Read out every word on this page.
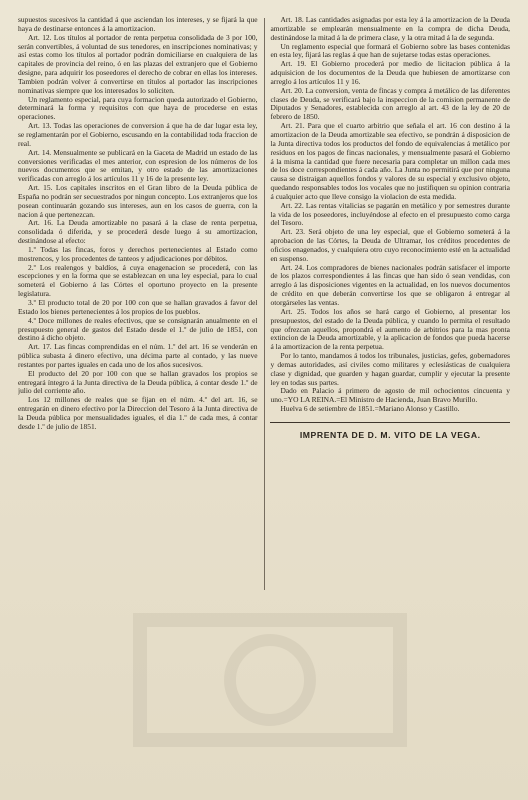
supuestos sucesivos la cantidad á que asciendan los intereses, y se fijará la que haya de destinarse entonces á la amortizacion.

Art. 12. Los títulos al portador de renta perpetua consolidada de 3 por 100, serán convertibles, á voluntad de sus tenedores, en inscripciones nominativas; y así estas como los títulos al portador podrán domiciliarse en cualquiera de las capitales de provincia del reino, ó en las plazas del extranjero que el Gobierno designe, para adquirir los poseedores el derecho de cobrar en ellas los intereses. Tambien podrán volver á convertirse en títulos al portador las inscripciones nominativas siempre que los interesados lo soliciten.

Un reglamento especial, para cuya formacion queda autorizado el Gobierno, determinará la forma y requisitos con que haya de procederse en estas operaciones.

Art. 13. Todas las operaciones de conversion á que ha de dar lugar esta ley, se reglamentarán por el Gobierno, escusando en la contabilidad toda fraccion de real.

Art. 14. Mensualmente se publicará en la Gaceta de Madrid un estado de las conversiones verificadas el mes anterior, con espresion de los números de los nuevos documentos que se emitan, y otro estado de las amortizaciones verificadas con arreglo á los artículos 11 y 16 de la presente ley.

Art. 15. Los capitales inscritos en el Gran libro de la Deuda pública de España no podrán ser secuestrados por ningun concepto. Los extranjeros que los posean continuarán gozando sus intereses, aun en los casos de guerra, con la nacion á que pertenezcan.

Art. 16. La Deuda amortizable no pasará á la clase de renta perpetua, consolidada ó diferida, y se procederá desde luego á su amortizacion, destinándose al efecto:

1.º Todas las fincas, foros y derechos pertenecientes al Estado como mostrencos, y los procedentes de tanteos y adjudicaciones por débitos.

2.º Los realengos y baldíos, á cuya enagenacion se procederá, con las escepciones y en la forma que se establezcan en una ley especial, para lo cual someterá el Gobierno á las Córtes el oportuno proyecto en la presente legislatura.

3.º El producto total de 20 por 100 con que se hallan gravados á favor del Estado los bienes pertenecientes á los propios de los pueblos.

4.º Doce millones de reales efectivos, que se consignarán anualmente en el presupuesto general de gastos del Estado desde el 1.º de julio de 1851, con destino á dicho objeto.

Art. 17. Las fincas comprendidas en el núm. 1.º del art. 16 se venderán en pública subasta á dinero efectivo, una décima parte al contado, y las nueve restantes por partes iguales en cada uno de los años sucesivos.

El producto del 20 por 100 con que se hallan gravados los propios se entregará íntegro á la Junta directiva de la Deuda pública, á contar desde 1.º de julio del corriente año.

Los 12 millones de reales que se fijan en el núm. 4.º del art. 16, se entregarán en dinero efectivo por la Direccion del Tesoro á la Junta directiva de la Deuda pública por mensualidades iguales, el dia 1.º de cada mes, á contar desde 1.º de julio de 1851.

Art. 18. Las cantidades asignadas por esta ley á la amortizacion de la Deuda amortizable se emplearán mensualmente en la compra de dicha Deuda, destinándose la mitad á la de primera clase, y la otra mitad á la de segunda.

Un reglamento especial que formará el Gobierno sobre las bases contenidas en esta ley, fijará las reglas á que han de sujetarse todas estas operaciones.

Art. 19. El Gobierno procederá por medio de licitacion pública á la adquisicion de los documentos de la Deuda que hubiesen de amortizarse con arreglo á los artículos 11 y 16.

Art. 20. La conversion, venta de fincas y compra á metálico de las diferentes clases de Deuda, se verificará bajo la inspeccion de la comision permanente de Diputados y Senadores, establecida con arreglo al art. 43 de la ley de 20 de febrero de 1850.

Art. 21. Para que el cuarto arbitrio que señala el art. 16 con destino á la amortizacion de la Deuda amortizable sea efectivo, se pondrán á disposicion de la Junta directiva todos los productos del fondo de equivalencias á metálico por residuos en los pagos de fincas nacionales, y mensualmente pasará el Gobierno á la misma la cantidad que fuere necesaria para completar un millon cada mes de los doce correspondientes á cada año. La Junta no permitirá que por ninguna causa se distraigan aquellos fondos y valores de su especial y exclusivo objeto, quedando responsables todos los vocales que no justifiquen su opinion contraria á cualquier acto que lleve consigo la violacion de esta medida.

Art. 22. Las rentas vitalicias se pagarán en metálico y por semestres durante la vida de los poseedores, incluyéndose al efecto en el presupuesto como carga del Tesoro.

Art. 23. Será objeto de una ley especial, que el Gobierno someterá á la aprobacion de las Córtes, la Deuda de Ultramar, los créditos procedentes de oficios enagenados, y cualquiera otro cuyo reconocimiento esté en la actualidad en suspenso.

Art. 24. Los compradores de bienes nacionales podrán satisfacer el importe de los plazos correspondientes á las fincas que han sido ó sean vendidas, con arreglo á las disposiciones vigentes en la actualidad, en los nuevos documentos de crédito en que deberán convertirse los que se obligaron á entregar al otorgárseles las ventas.

Art. 25. Todos los años se hará cargo el Gobierno, al presentar los presupuestos, del estado de la Deuda pública, y cuando lo permita el resultado que ofrezcan aquellos, propondrá el aumento de arbitrios para la mas pronta extincion de la Deuda amortizable, y la aplicacion de fondos que pueda hacerse á la amortizacion de la renta perpetua.

Por lo tanto, mandamos á todos los tribunales, justicias, gefes, gobernadores y demas autoridades, así civiles como militares y eclesiásticas de cualquiera clase y dignidad, que guarden y hagan guardar, cumplir y ejecutar la presente ley en todas sus partes.

Dado en Palacio á primero de agosto de mil ochocientos cincuenta y uno.=YO LA REINA.=El Ministro de Hacienda, Juan Bravo Murillo.

Huelva 6 de setiembre de 1851.=Mariano Alonso y Castillo.

IMPRENTA DE D. M. VITO DE LA VEGA.
